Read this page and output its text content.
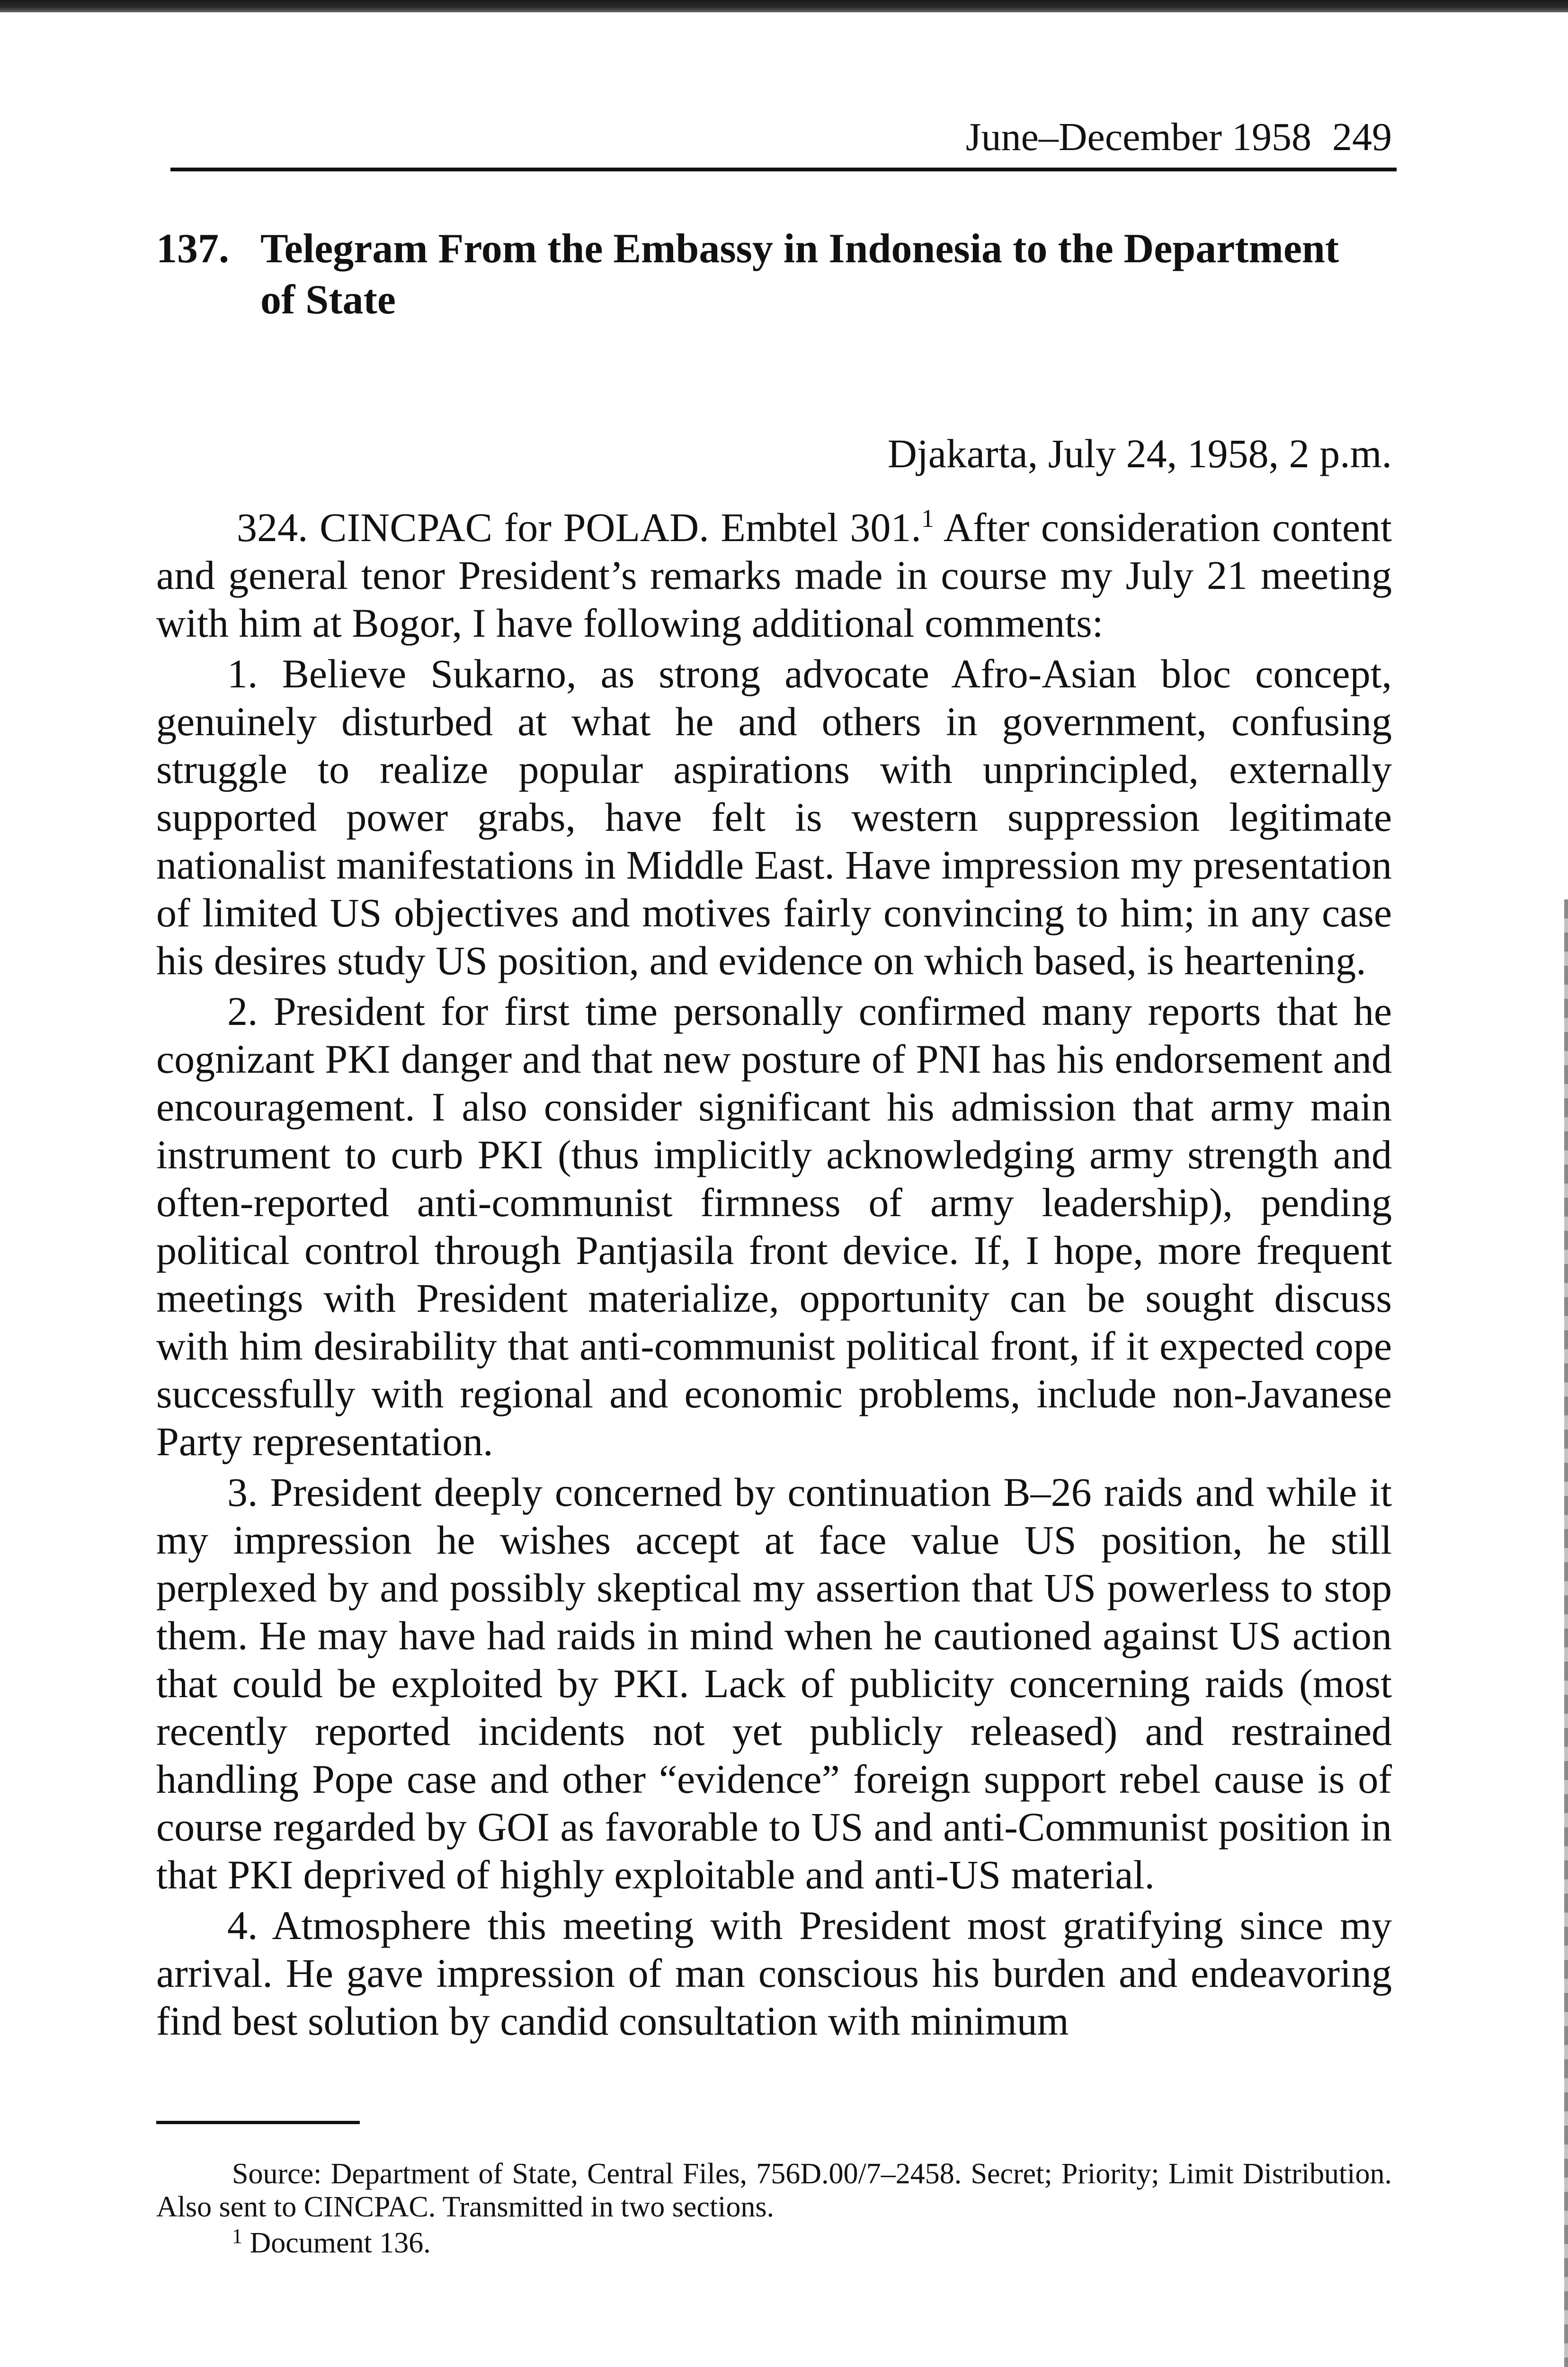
June–December 1958 249
137. Telegram From the Embassy in Indonesia to the Department of State
Djakarta, July 24, 1958, 2 p.m.

324. CINCPAC for POLAD. Embtel 301.$^1$ After consideration content and general tenor President’s remarks made in course my July 21 meeting with him at Bogor, I have following additional comments:

1. Believe Sukarno, as strong advocate Afro-Asian bloc concept, genuinely disturbed at what he and others in government, confusing struggle to realize popular aspirations with unprincipled, externally supported power grabs, have felt is western suppression legitimate nationalist manifestations in Middle East. Have impression my presentation of limited US objectives and motives fairly convincing to him; in any case his desires study US position, and evidence on which based, is heartening.

2. President for first time personally confirmed many reports that he cognizant PKI danger and that new posture of PNI has his endorsement and encouragement. I also consider significant his admission that army main instrument to curb PKI (thus implicitly acknowledging army strength and often-reported anti-communist firmness of army leadership), pending political control through Pantjasila front device. If, I hope, more frequent meetings with President materialize, opportunity can be sought discuss with him desirability that anti-communist political front, if it expected cope successfully with regional and economic problems, include non-Javanese Party representation.

3. President deeply concerned by continuation B–26 raids and while it my impression he wishes accept at face value US position, he still perplexed by and possibly skeptical my assertion that US powerless to stop them. He may have had raids in mind when he cautioned against US action that could be exploited by PKI. Lack of publicity concerning raids (most recently reported incidents not yet publicly released) and restrained handling Pope case and other “evidence” foreign support rebel cause is of course regarded by GOI as favorable to US and anti-Communist position in that PKI deprived of highly exploitable and anti-US material.

4. Atmosphere this meeting with President most gratifying since my arrival. He gave impression of man conscious his burden and endeavoring find best solution by candid consultation with minimum

Source: Department of State, Central Files, 756D.00/7–2458. Secret; Priority; Limit Distribution. Also sent to CINCPAC. Transmitted in two sections.

$^1$ Document 136.
